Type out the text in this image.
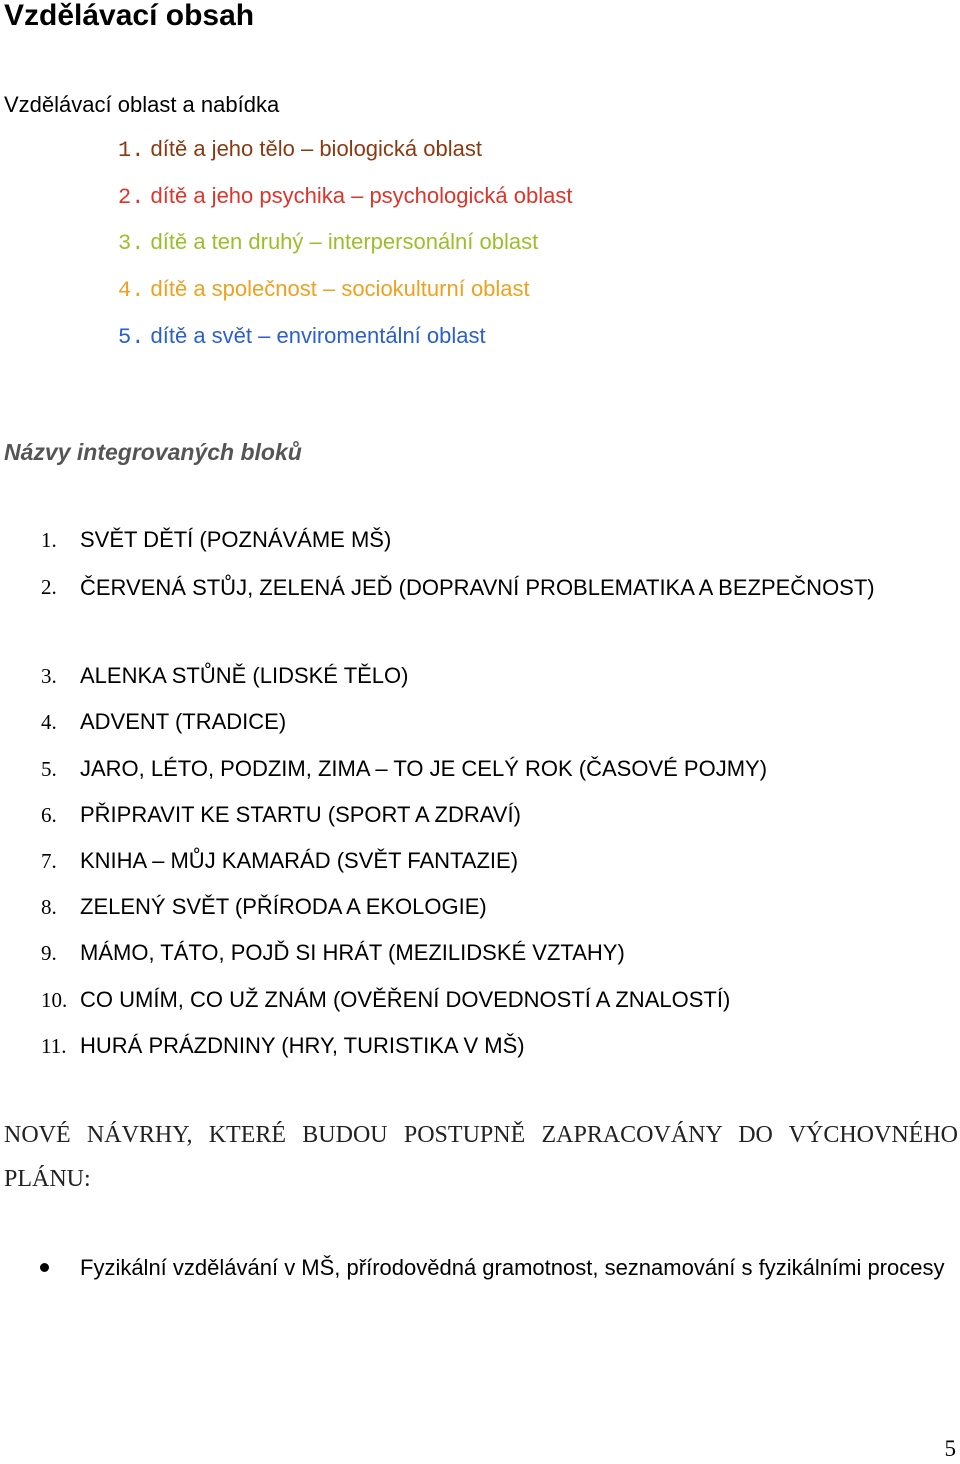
Vzdělávací obsah
Vzdělávací oblast a nabídka
1. dítě a jeho tělo – biologická oblast
2. dítě a jeho psychika – psychologická oblast
3. dítě a ten druhý – interpersonální oblast
4. dítě a společnost – sociokulturní oblast
5. dítě a svět – enviromentální oblast
Názvy integrovaných bloků
1. SVĚT DĚTÍ (POZNÁVÁME MŠ)
2. ČERVENÁ STŮJ, ZELENÁ JEĎ (DOPRAVNÍ PROBLEMATIKA A BEZPEČNOST)
3. ALENKA STŮNĚ (LIDSKÉ TĚLO)
4. ADVENT (TRADICE)
5. JARO, LÉTO, PODZIM, ZIMA – TO JE CELÝ ROK (ČASOVÉ POJMY)
6. PŘIPRAVIT KE STARTU (SPORT A ZDRAVÍ)
7. KNIHA – MŮJ KAMARÁD (SVĚT FANTAZIE)
8. ZELENÝ SVĚT (PŘÍRODA A EKOLOGIE)
9. MÁMO, TÁTO, POJĎ SI HRÁT (MEZILIDSKÉ VZTAHY)
10. CO UMÍM, CO UŽ ZNÁM (OVĚŘENÍ DOVEDNOSTÍ A ZNALOSTÍ)
11. HURÁ PRÁZDNINY (HRY, TURISTIKA V MŠ)
NOVÉ NÁVRHY, KTERÉ BUDOU POSTUPNĚ ZAPRACOVÁNY DO VÝCHOVNÉHO PLÁNU:
Fyzikální vzdělávání v MŠ, přírodovědná gramotnost, seznamování s fyzikálními procesy
5
